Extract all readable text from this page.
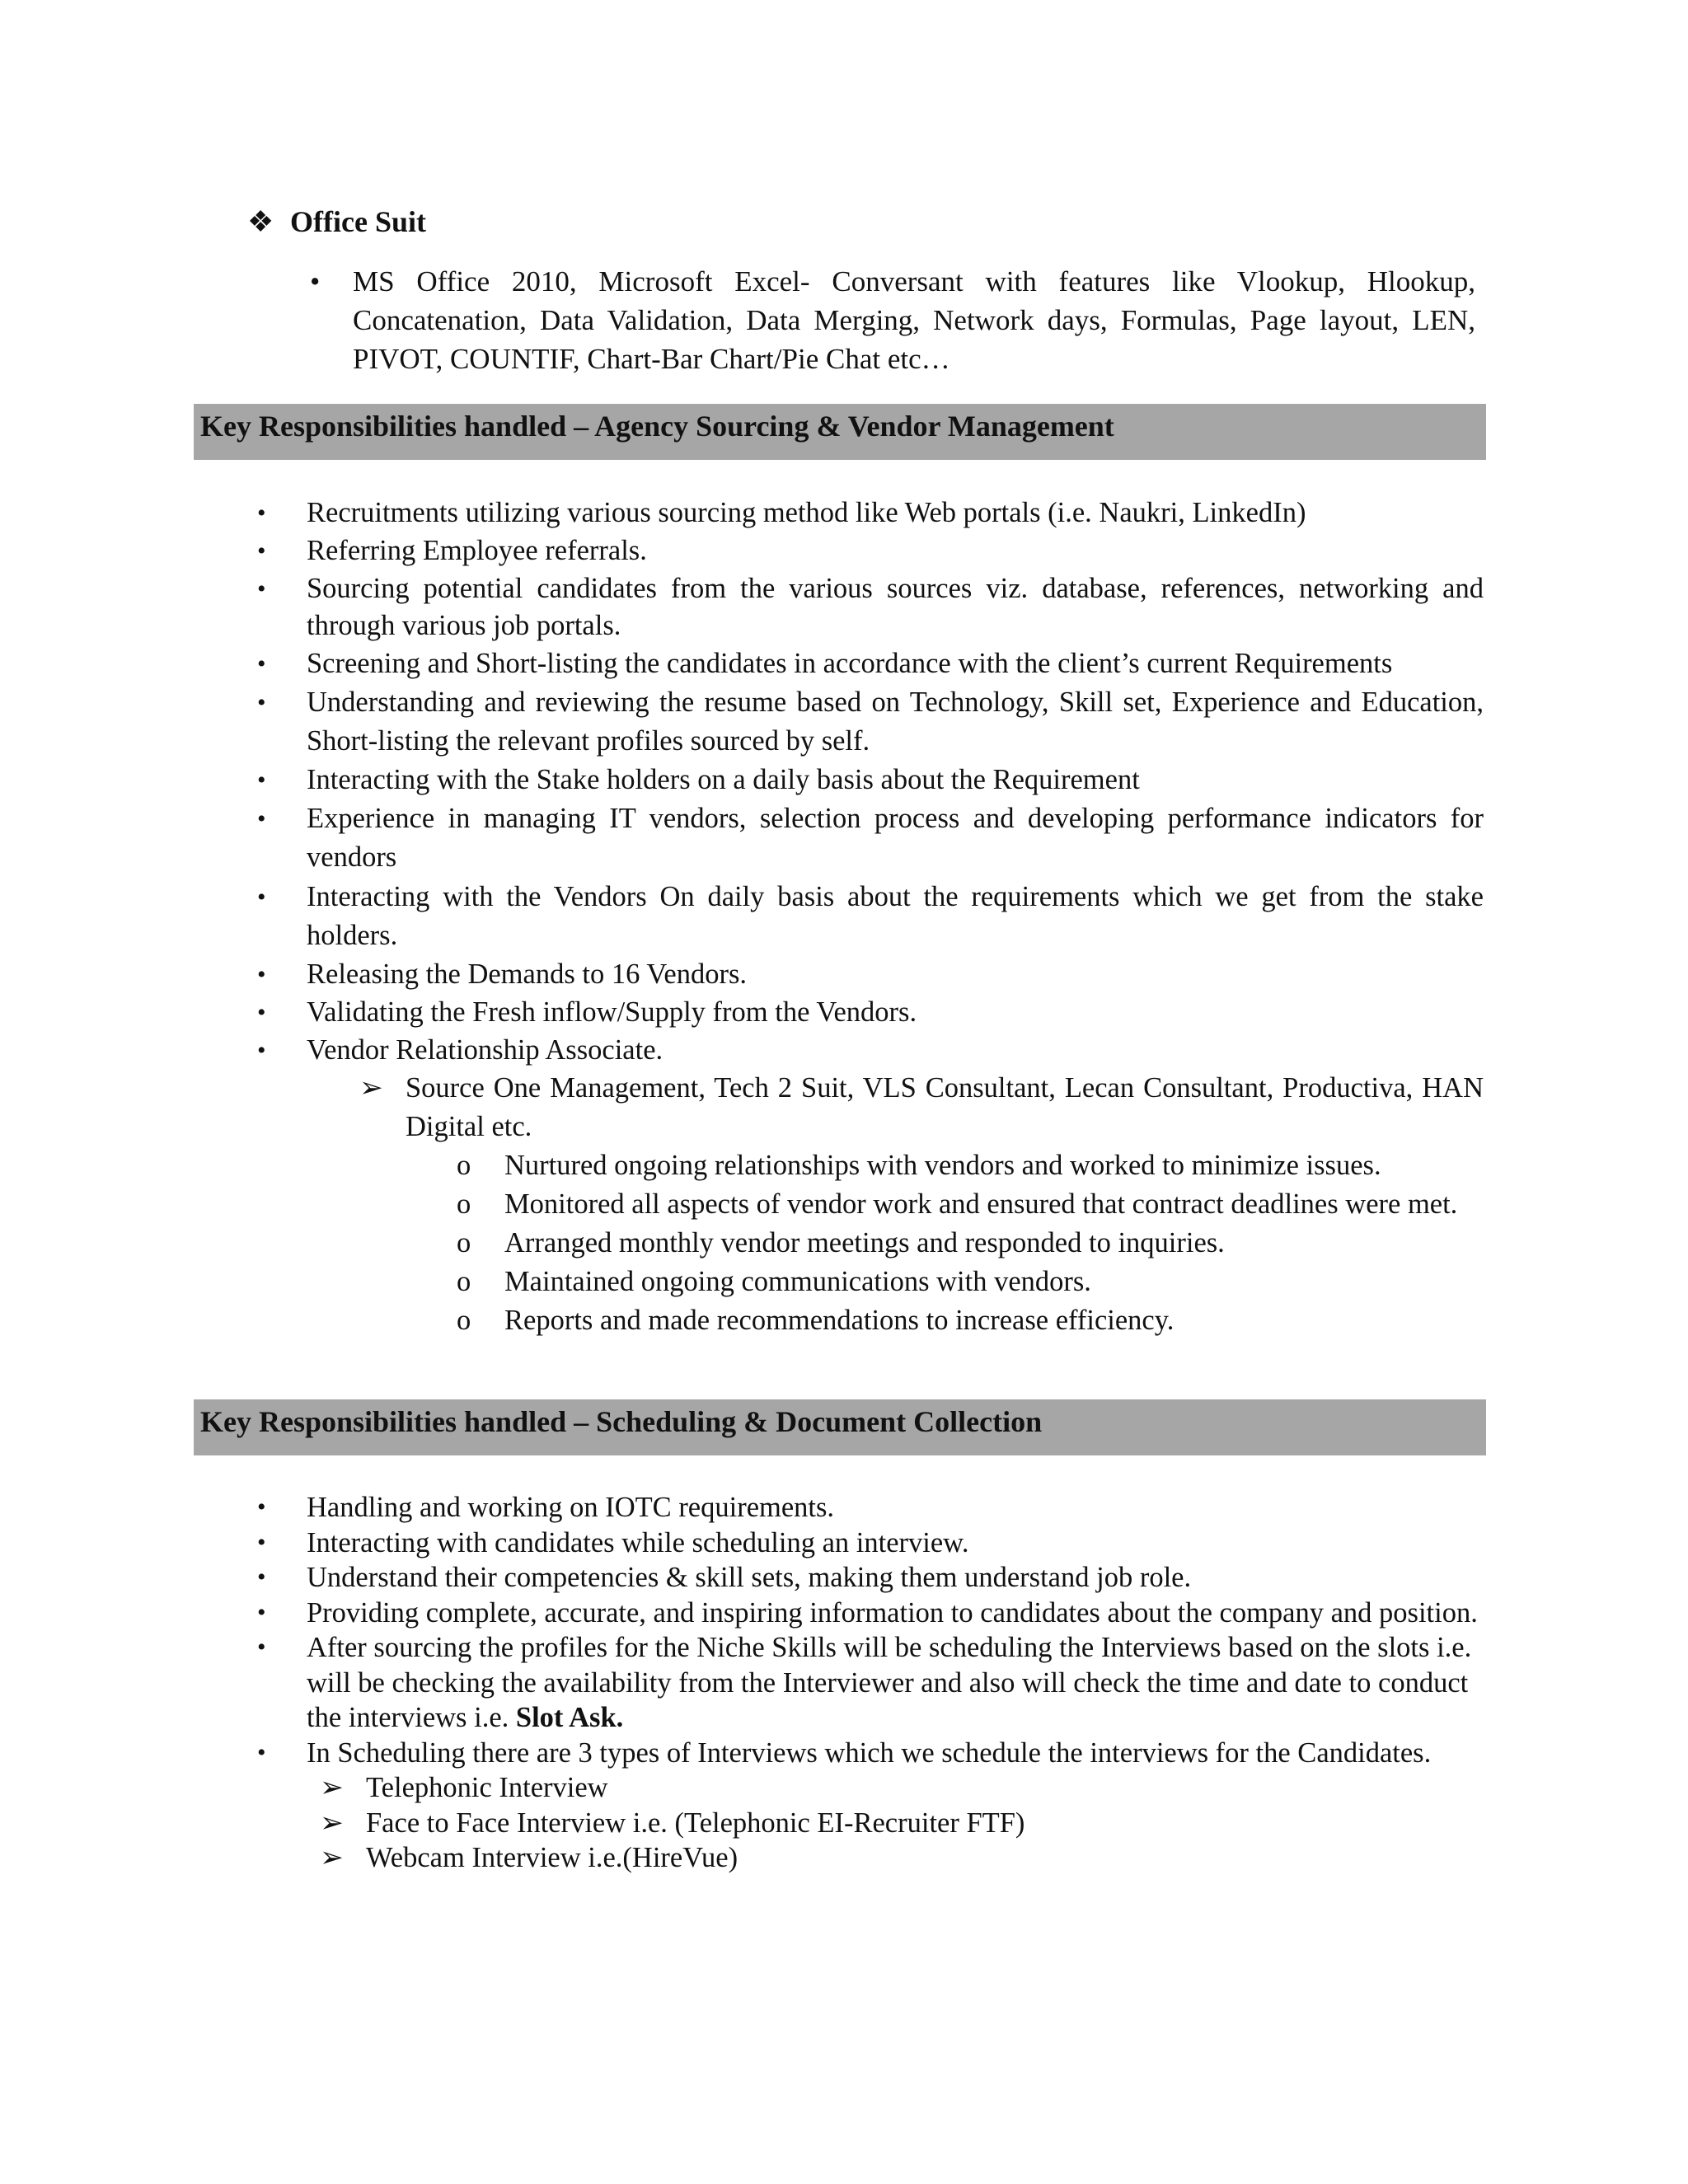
❖ Office Suit
• MS Office 2010, Microsoft Excel- Conversant with features like Vlookup, Hlookup, Concatenation, Data Validation, Data Merging, Network days, Formulas, Page layout, LEN, PIVOT, COUNTIF, Chart-Bar Chart/Pie Chat etc…
Key Responsibilities handled – Agency Sourcing & Vendor Management
• Recruitments utilizing various sourcing method like Web portals (i.e. Naukri, LinkedIn)
• Referring Employee referrals.
• Sourcing potential candidates from the various sources viz. database, references, networking and through various job portals.
• Screening and Short-listing the candidates in accordance with the client’s current Requirements
• Understanding and reviewing the resume based on Technology, Skill set, Experience and Education, Short-listing the relevant profiles sourced by self.
• Interacting with the Stake holders on a daily basis about the Requirement
• Experience in managing IT vendors, selection process and developing performance indicators for vendors
• Interacting with the Vendors On daily basis about the requirements which we get from the stake holders.
• Releasing the Demands to 16 Vendors.
• Validating the Fresh inflow/Supply from the Vendors.
• Vendor Relationship Associate.
➢ Source One Management, Tech 2 Suit, VLS Consultant, Lecan Consultant, Productiva, HAN Digital etc.
o Nurtured ongoing relationships with vendors and worked to minimize issues.
o Monitored all aspects of vendor work and ensured that contract deadlines were met.
o Arranged monthly vendor meetings and responded to inquiries.
o Maintained ongoing communications with vendors.
o Reports and made recommendations to increase efficiency.
Key Responsibilities handled – Scheduling & Document Collection
• Handling and working on IOTC requirements.
• Interacting with candidates while scheduling an interview.
• Understand their competencies & skill sets, making them understand job role.
• Providing complete, accurate, and inspiring information to candidates about the company and position.
• After sourcing the profiles for the Niche Skills will be scheduling the Interviews based on the slots i.e. will be checking the availability from the Interviewer and also will check the time and date to conduct the interviews i.e. Slot Ask.
• In Scheduling there are 3 types of Interviews which we schedule the interviews for the Candidates.
➢ Telephonic Interview
➢ Face to Face Interview i.e. (Telephonic EI-Recruiter FTF)
➢ Webcam Interview i.e.(HireVue)
